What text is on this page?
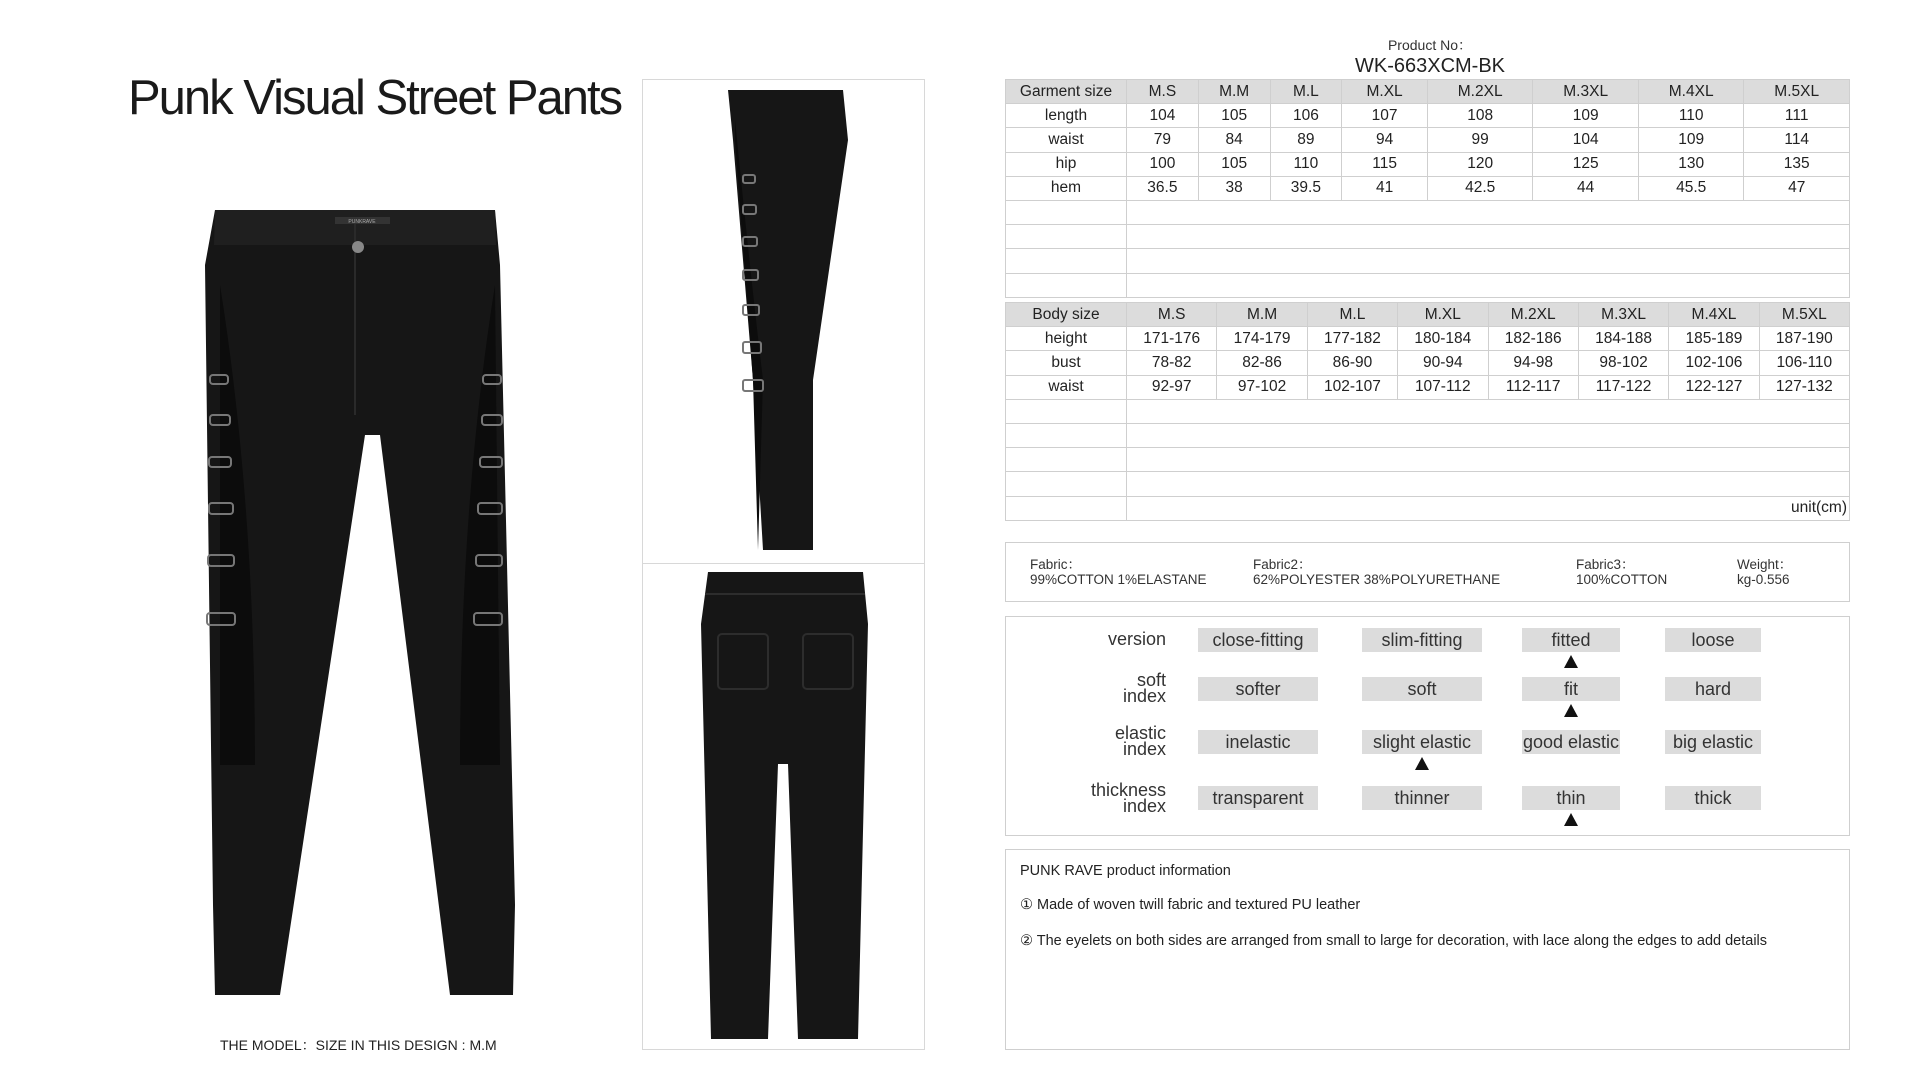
Punk Visual Street Pants
PUNKRAVE
THE MODEL：SIZE IN THIS DESIGN : M.M
Product No：
WK-663XCM-BK
Garment size	M.S	M.M	M.L	M.XL	M.2XL	M.3XL	M.4XL	M.5XL
length	104	105	106	107	108	109	110	111
waist	79	84	89	94	99	104	109	114
hip	100	105	110	115	120	125	130	135
hem	36.5	38	39.5	41	42.5	44	45.5	47

Body size	M.S	M.M	M.L	M.XL	M.2XL	M.3XL	M.4XL	M.5XL
height	171-176	174-179	177-182	180-184	182-186	184-188	185-189	187-190
bust	78-82	82-86	86-90	90-94	94-98	98-102	102-106	106-110
waist	92-97	97-102	102-107	107-112	112-117	117-122	122-127	127-132

	unit(cm)							
Fabric：
99%COTTON 1%ELASTANE
Fabric2：
62%POLYESTER 38%POLYURETHANE
Fabric3：
100%COTTON
Weight：
kg-0.556
version	close-fitting	slim-fitting	fitted	loose
soft
index	softer	soft	fit	hard
elastic
index	inelastic	slight elastic	good elastic	big elastic
thickness
index	transparent	thinner	thin	thick
PUNK RAVE product information
① Made of woven twill fabric and textured PU leather
② The eyelets on both sides are arranged from small to large for decoration, with lace along the edges to add details
